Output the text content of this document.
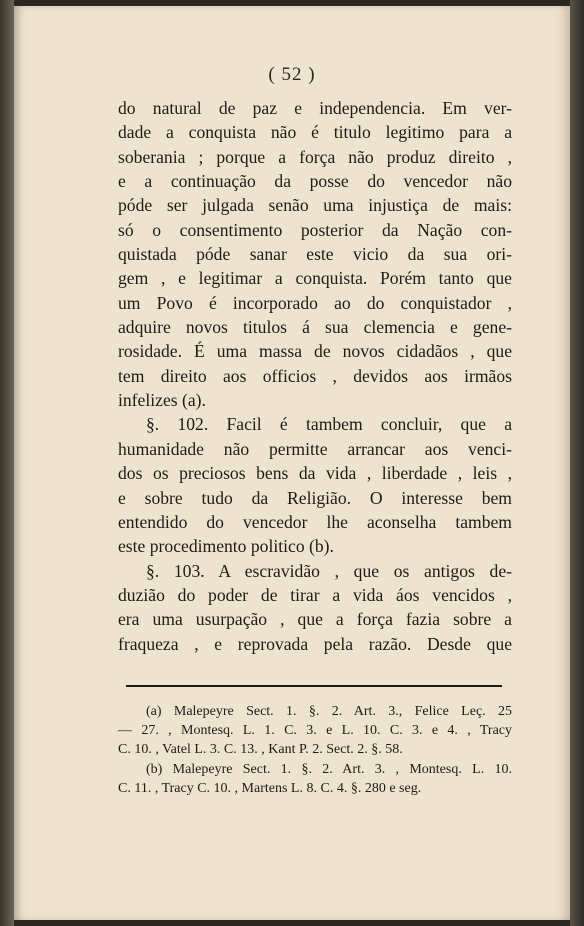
( 52 )
do natural de paz e independencia. Em ver-
dade a conquista não é titulo legitimo para a
soberania ; porque a força não produz direito ,
e a continuação da posse do vencedor não
póde ser julgada senão uma injustiça de mais:
só o consentimento posterior da Nação con-
quistada póde sanar este vicio da sua ori-
gem , e legitimar a conquista. Porém tanto que
um Povo é incorporado ao do conquistador ,
adquire novos titulos á sua clemencia e gene-
rosidade. É uma massa de novos cidadãos , que
tem direito aos officios , devidos aos irmãos
infelizes (a).
§. 102. Facil é tambem concluir, que a
humanidade não permitte arrancar aos venci-
dos os preciosos bens da vida , liberdade , leis ,
e sobre tudo da Religião. O interesse bem
entendido do vencedor lhe aconselha tambem
este procedimento politico (b).
§. 103. A escravidão , que os antigos de-
duzião do poder de tirar a vida áos vencidos ,
era uma usurpação , que a força fazia sobre a
fraqueza , e reprovada pela razão. Desde que
(a) Malepeyre Sect. 1. §. 2. Art. 3., Felice Leç. 25
— 27. , Montesq. L. 1. C. 3. e L. 10. C. 3. e 4. , Tracy
C. 10. , Vatel L. 3. C. 13. , Kant P. 2. Sect. 2. §. 58.
(b) Malepeyre Sect. 1. §. 2. Art. 3. , Montesq. L. 10.
C. 11. , Tracy C. 10. , Martens L. 8. C. 4. §. 280 e seg.
